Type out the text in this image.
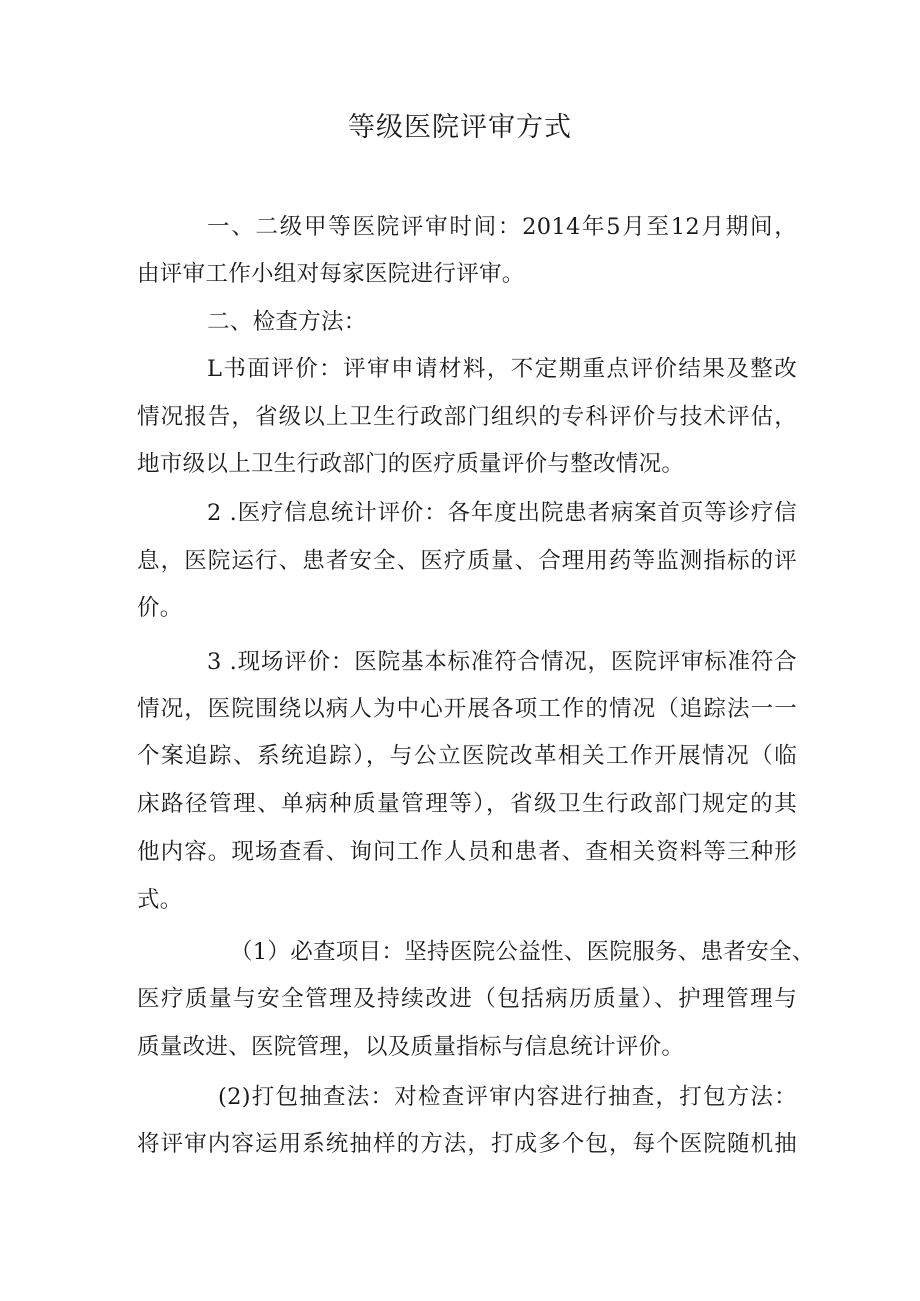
等级医院评审方式

一、二级甲等医院评审时间：2014年5月至12月期间，

由评审工作小组对每家医院进行评审。

二、检查方法：

L书面评价：评审申请材料，不定期重点评价结果及整改

情况报告，省级以上卫生行政部门组织的专科评价与技术评估，

地市级以上卫生行政部门的医疗质量评价与整改情况。

2 .医疗信息统计评价：各年度出院患者病案首页等诊疗信

息，医院运行、患者安全、医疗质量、合理用药等监测指标的评

价。

3 .现场评价：医院基本标准符合情况，医院评审标准符合

情况，医院围绕以病人为中心开展各项工作的情况（追踪法一一

个案追踪、系统追踪），与公立医院改革相关工作开展情况（临

床路径管理、单病种质量管理等），省级卫生行政部门规定的其

他内容。现场查看、询问工作人员和患者、查相关资料等三种形

式。

（1）必查项目：坚持医院公益性、医院服务、患者安全、

医疗质量与安全管理及持续改进（包括病历质量）、护理管理与

质量改进、医院管理，以及质量指标与信息统计评价。

(2)打包抽查法：对检查评审内容进行抽查，打包方法：

将评审内容运用系统抽样的方法，打成多个包，每个医院随机抽
